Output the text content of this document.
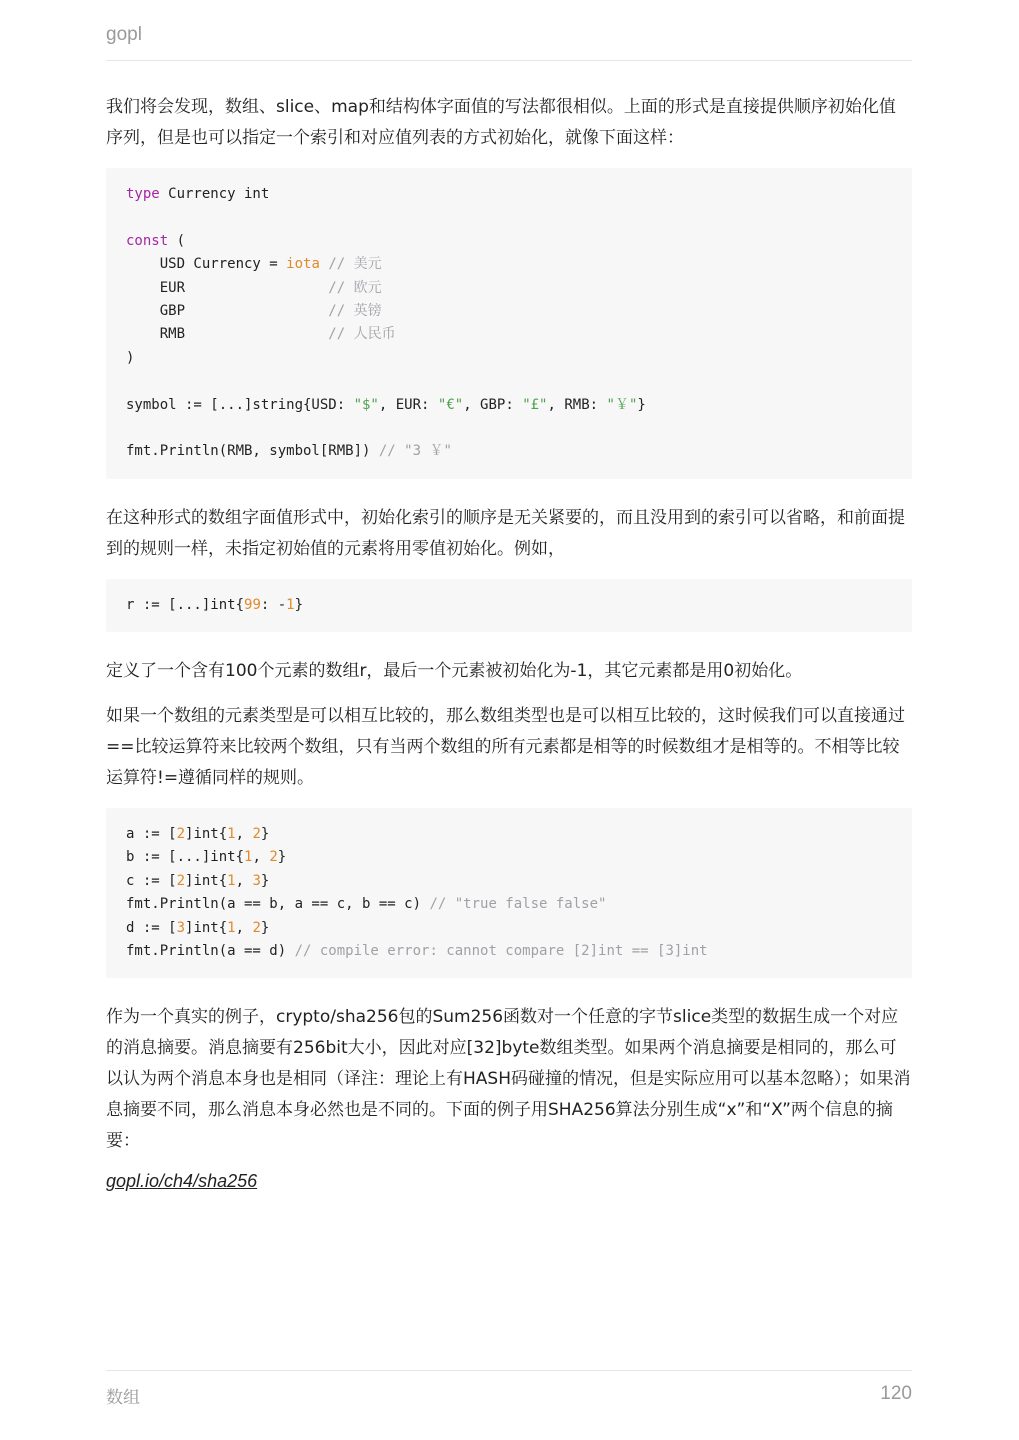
gopl

我们将会发现，数组、slice、map和结构体字面值的写法都很相似。上面的形式是直接提供顺序初始化值序列，但是也可以指定一个索引和对应值列表的方式初始化，就像下面这样：

type Currency int
const (
USD Currency = iota // 美元
EUR                 // 欧元
GBP                 // 英镑
RMB                 // 人民币
)
symbol := [...]string{USD: "$", EUR: "€", GBP: "£", RMB: "￥"}
fmt.Println(RMB, symbol[RMB]) // "3 ￥"

在这种形式的数组字面值形式中，初始化索引的顺序是无关紧要的，而且没用到的索引可以省略，和前面提到的规则一样，未指定初始值的元素将用零值初始化。例如，

r := [...]int{99: -1}

定义了一个含有100个元素的数组r，最后一个元素被初始化为-1，其它元素都是用0初始化。

如果一个数组的元素类型是可以相互比较的，那么数组类型也是可以相互比较的，这时候我们可以直接通过==比较运算符来比较两个数组，只有当两个数组的所有元素都是相等的时候数组才是相等的。不相等比较运算符!=遵循同样的规则。

a := [2]int{1, 2}
b := [...]int{1, 2}
c := [2]int{1, 3}
fmt.Println(a == b, a == c, b == c) // "true false false"
d := [3]int{1, 2}
fmt.Println(a == d) // compile error: cannot compare [2]int == [3]int

作为一个真实的例子，crypto/sha256包的Sum256函数对一个任意的字节slice类型的数据生成一个对应的消息摘要。消息摘要有256bit大小，因此对应[32]byte数组类型。如果两个消息摘要是相同的，那么可以认为两个消息本身也是相同（译注：理论上有HASH码碰撞的情况，但是实际应用可以基本忽略）；如果消息摘要不同，那么消息本身必然也是不同的。下面的例子用SHA256算法分别生成“x”和“X”两个信息的摘要：

gopl.io/ch4/sha256

数组	120
